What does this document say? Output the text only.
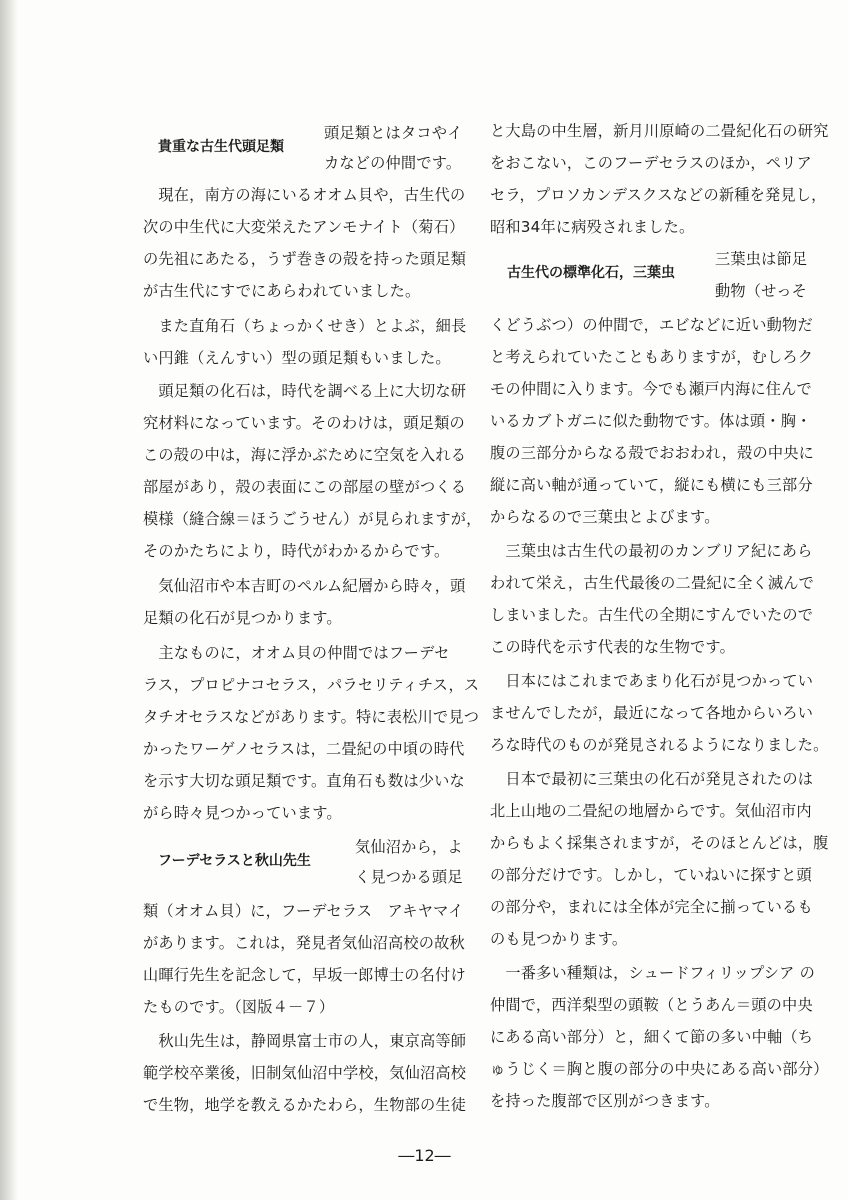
貴重な古生代頭足類
フーデセラスと秋山先生
頭足類とはタコやイ
カなどの仲間です。
　現在，南方の海にいるオオム貝や，古生代の
次の中生代に大変栄えたアンモナイト（菊石）
の先祖にあたる，うず巻きの殻を持った頭足類
が古生代にすでにあらわれていました。
　また直角石（ちょっかくせき）とよぶ，細長
い円錐（えんすい）型の頭足類もいました。
　頭足類の化石は，時代を調べる上に大切な研
究材料になっています。そのわけは，頭足類の
この殻の中は，海に浮かぶために空気を入れる
部屋があり，殻の表面にこの部屋の壁がつくる
模様（縫合線＝ほうごうせん）が見られますが，
そのかたちにより，時代がわかるからです。
　気仙沼市や本吉町のペルム紀層から時々，頭
足類の化石が見つかります。
　主なものに，オオム貝の仲間ではフーデセ
ラス，プロピナコセラス，パラセリティチス，ス
タチオセラスなどがあります。特に表松川で見つ
かったワーゲノセラスは，二畳紀の中頃の時代
を示す大切な頭足類です。直角石も数は少いな
がら時々見つかっています。
気仙沼から，よ
く見つかる頭足
類（オオム貝）に，フーデセラス　アキヤマイ
があります。これは，発見者気仙沼高校の故秋
山暉行先生を記念して，早坂一郎博士の名付け
たものです。（図版４－７）
　秋山先生は，静岡県富士市の人，東京高等師
範学校卒業後，旧制気仙沼中学校，気仙沼高校
で生物，地学を教えるかたわら，生物部の生徒
古生代の標準化石，三葉虫
と大島の中生層，新月川原崎の二畳紀化石の研究
をおこない，このフーデセラスのほか，ペリア
セラ，プロソカンデスクスなどの新種を発見し，
昭和34年に病殁されました。
三葉虫は節足
動物（せっそ
くどうぶつ）の仲間で，エビなどに近い動物だ
と考えられていたこともありますが，むしろク
モの仲間に入ります。今でも瀬戸内海に住んで
いるカブトガニに似た動物です。体は頭・胸・
腹の三部分からなる殻でおおわれ，殻の中央に
縦に高い軸が通っていて，縦にも横にも三部分
からなるので三葉虫とよびます。
　三葉虫は古生代の最初のカンブリア紀にあら
われて栄え，古生代最後の二畳紀に全く滅んで
しまいました。古生代の全期にすんでいたので
この時代を示す代表的な生物です。
　日本にはこれまであまり化石が見つかってい
ませんでしたが，最近になって各地からいろい
ろな時代のものが発見されるようになりました。
　日本で最初に三葉虫の化石が発見されたのは
北上山地の二畳紀の地層からです。気仙沼市内
からもよく採集されますが，そのほとんどは，腹
の部分だけです。しかし，ていねいに探すと頭
の部分や，まれには全体が完全に揃っているも
のも見つかります。
　一番多い種類は，シュードフィリップシア の
仲間で，西洋梨型の頭鞍（とうあん＝頭の中央
にある高い部分）と，細くて節の多い中軸（ち
ゅうじく＝胸と腹の部分の中央にある高い部分）
を持った腹部で区別がつきます。
―12―
